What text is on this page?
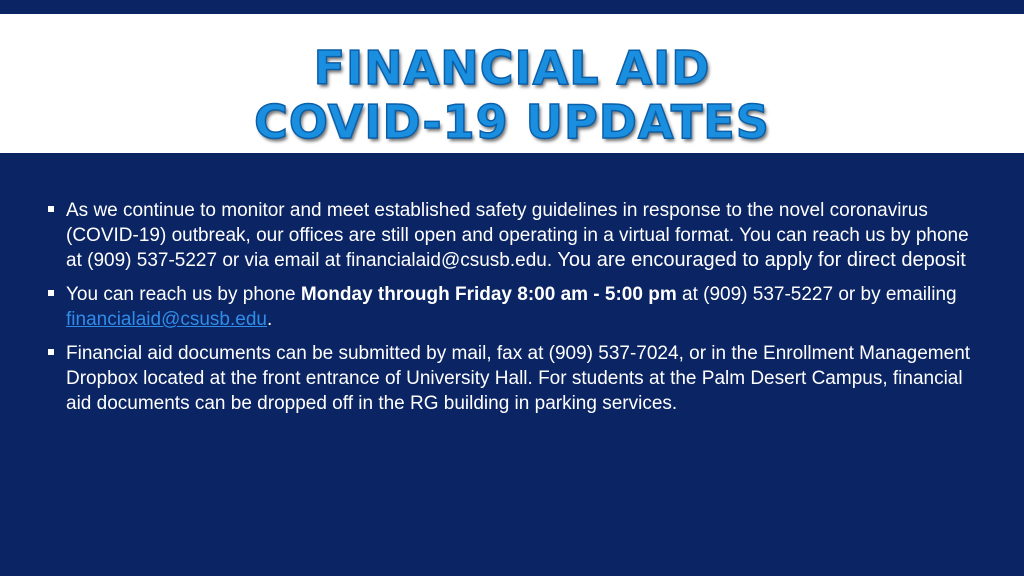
FINANCIAL AID
COVID-19 UPDATES
As we continue to monitor and meet established safety guidelines in response to the novel coronavirus (COVID-19) outbreak, our offices are still open and operating in a virtual format. You can reach us by phone at (909) 537-5227 or via email at financialaid@csusb.edu. You are encouraged to apply for direct deposit
You can reach us by phone Monday through Friday 8:00 am - 5:00 pm at (909) 537-5227 or by emailing financialaid@csusb.edu.
Financial aid documents can be submitted by mail, fax at (909) 537-7024, or in the Enrollment Management Dropbox located at the front entrance of University Hall. For students at the Palm Desert Campus, financial aid documents can be dropped off in the RG building in parking services.
